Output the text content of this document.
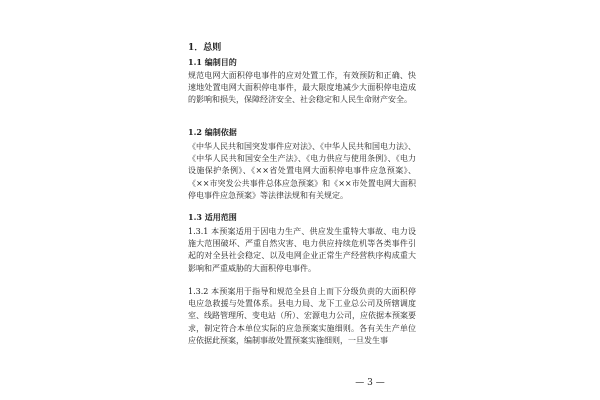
1．总则
1.1 编制目的

规范电网大面积停电事件的应对处置工作，有效预防和正确、快速地处置电网大面积停电事件，最大限度地减少大面积停电造成的影响和损失，保障经济安全、社会稳定和人民生命财产安全。

1.2 编制依据

《中华人民共和国突发事件应对法》、《中华人民共和国电力法》、《中华人民共和国安全生产法》、《电力供应与使用条例》、《电力设施保护条例》、《××省处置电网大面积停电事件应急预案》、《××市突发公共事件总体应急预案》和《××市处置电网大面积停电事件应急预案》等法律法规和有关规定。

1.3 适用范围

1.3.1 本预案适用于因电力生产、供应发生重特大事故、电力设施大范围破坏、严重自然灾害、电力供应持续危机等各类事件引起的对全县社会稳定、以及电网企业正常生产经营秩序构成重大影响和严重威胁的大面积停电事件。

1.3.2 本预案用于指导和规范全县自上而下分级负责的大面积停电应急救援与处置体系。县电力局、龙下工业总公司及所辖调度室、线路管理所、变电站（所）、宏源电力公司，应依据本预案要求，制定符合本单位实际的应急预案实施细则。各有关生产单位应依据此预案，编制事故处置预案实施细则，一旦发生事

— 3 —
